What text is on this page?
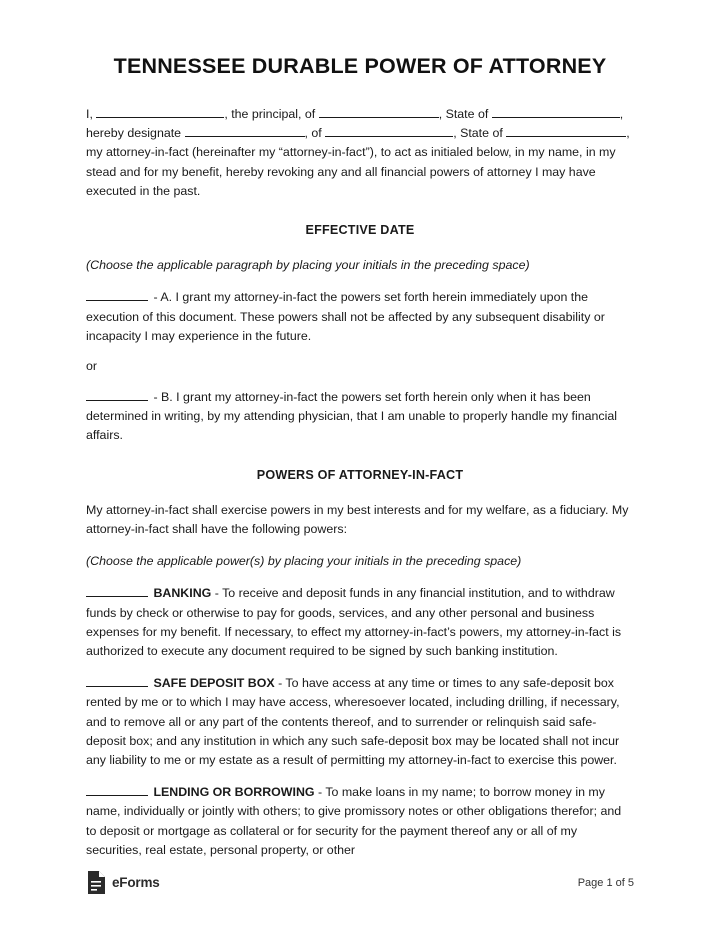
TENNESSEE DURABLE POWER OF ATTORNEY

I,	, the principal, of	, State of	, hereby designate	, of	, State of	, my attorney-in-fact (hereinafter my “attorney-in-fact”), to act as initialed below, in my name, in my stead and for my benefit, hereby revoking any and all financial powers of attorney I may have executed in the past.

EFFECTIVE DATE

(Choose the applicable paragraph by placing your initials in the preceding space)

- A. I grant my attorney-in-fact the powers set forth herein immediately upon the execution of this document. These powers shall not be affected by any subsequent disability or incapacity I may experience in the future.

or

- B. I grant my attorney-in-fact the powers set forth herein only when it has been determined in writing, by my attending physician, that I am unable to properly handle my financial affairs.

POWERS OF ATTORNEY-IN-FACT

My attorney-in-fact shall exercise powers in my best interests and for my welfare, as a fiduciary. My attorney-in-fact shall have the following powers:

(Choose the applicable power(s) by placing your initials in the preceding space)

BANKING - To receive and deposit funds in any financial institution, and to withdraw funds by check or otherwise to pay for goods, services, and any other personal and business expenses for my benefit. If necessary, to effect my attorney-in-fact’s powers, my attorney-in-fact is authorized to execute any document required to be signed by such banking institution.

SAFE DEPOSIT BOX - To have access at any time or times to any safe-deposit box rented by me or to which I may have access, wheresoever located, including drilling, if necessary, and to remove all or any part of the contents thereof, and to surrender or relinquish said safe-deposit box; and any institution in which any such safe-deposit box may be located shall not incur any liability to me or my estate as a result of permitting my attorney-in-fact to exercise this power.

LENDING OR BORROWING - To make loans in my name; to borrow money in my name, individually or jointly with others; to give promissory notes or other obligations therefor; and to deposit or mortgage as collateral or for security for the payment thereof any or all of my securities, real estate, personal property, or other

eForms	Page 1 of 5
